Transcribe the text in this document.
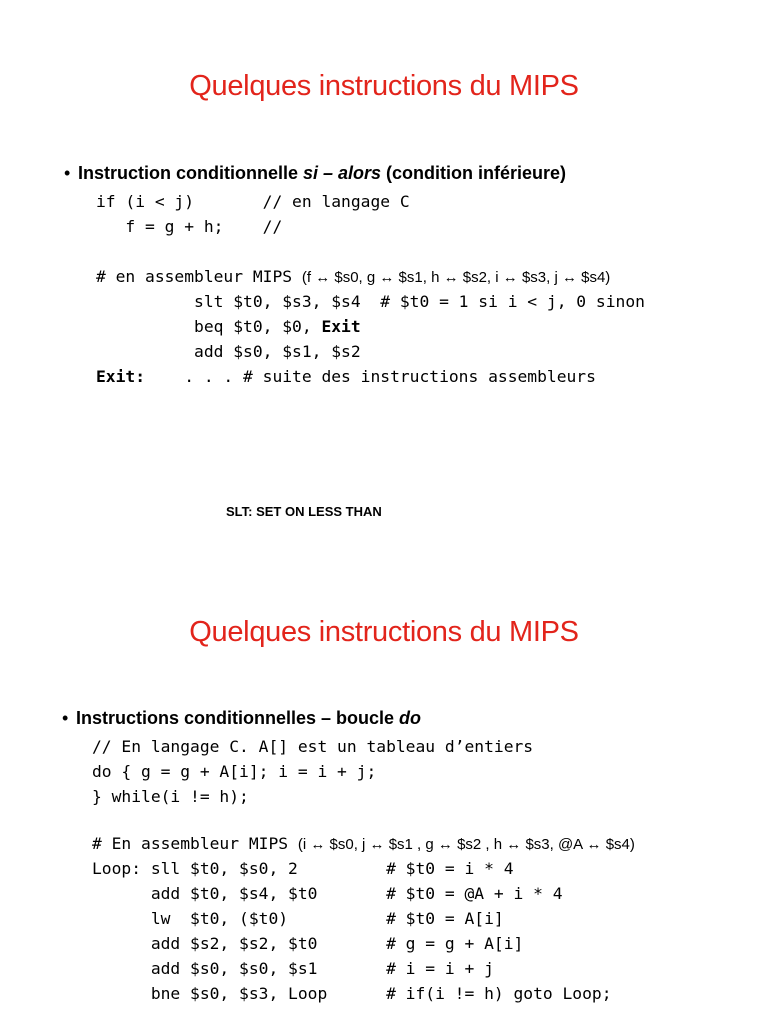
Quelques instructions du MIPS
• Instruction conditionnelle si – alors (condition inférieure)
if (i < j)       // en langage C
f = g + h;    //
# en assembleur MIPS (f ↔ $s0, g ↔ $s1, h ↔ $s2, i ↔ $s3, j ↔ $s4)
slt $t0, $s3, $s4  # $t0 = 1 si i < j, 0 sinon
beq $t0, $0, Exit
add $s0, $s1, $s2
Exit:    . . . # suite des instructions assembleurs
SLT: SET ON LESS THAN
Quelques instructions du MIPS
• Instructions conditionnelles – boucle do
// En langage C. A[] est un tableau d’entiers
do { g = g + A[i]; i = i + j;
} while(i != h);
# En assembleur MIPS (i ↔ $s0, j ↔ $s1 , g ↔ $s2 , h ↔ $s3, @A ↔ $s4)
Loop: sll $t0, $s0, 2         # $t0 = i * 4
add $t0, $s4, $t0       # $t0 = @A + i * 4
lw  $t0, ($t0)          # $t0 = A[i]
add $s2, $s2, $t0       # g = g + A[i]
add $s0, $s0, $s1       # i = i + j
bne $s0, $s3, Loop      # if(i != h) goto Loop;
